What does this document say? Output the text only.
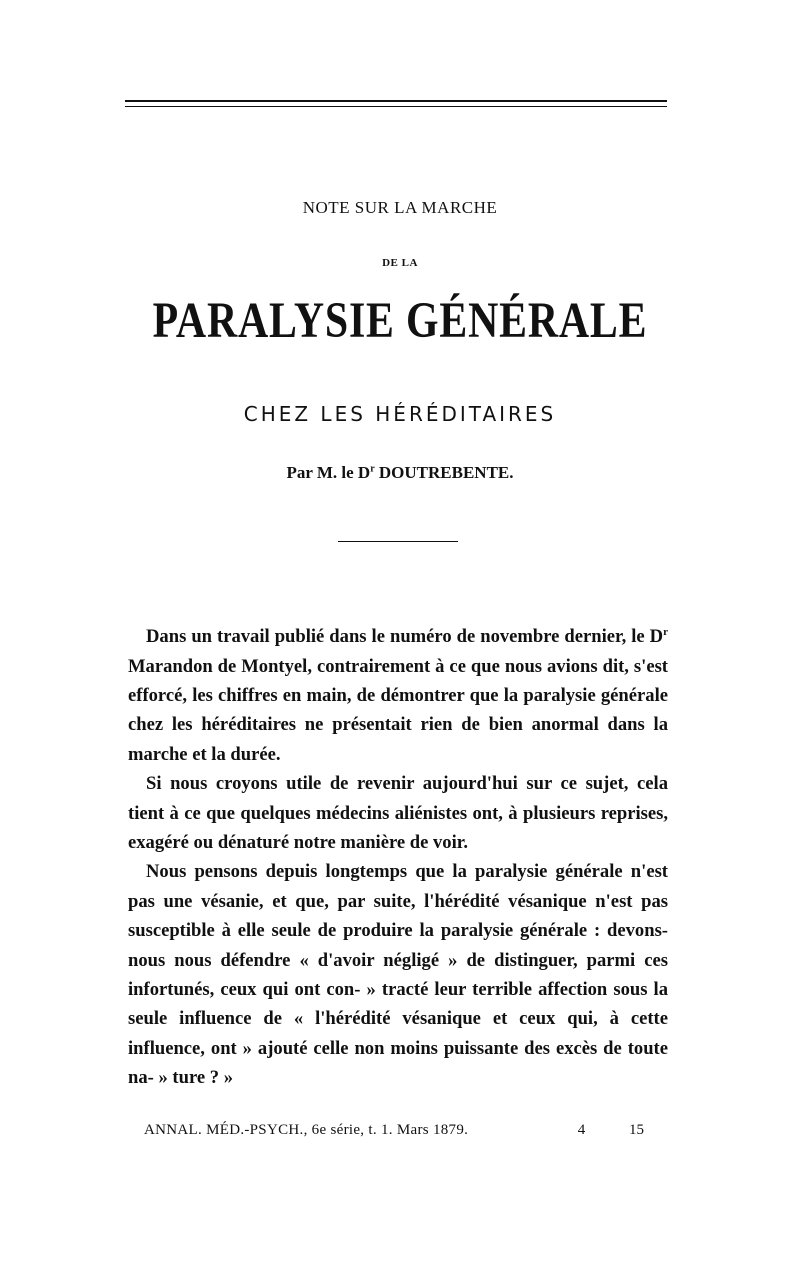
NOTE SUR LA MARCHE
DE LA
PARALYSIE GÉNÉRALE
CHEZ LES HÉRÉDITAIRES
Par M. le $D^r$ DOUTREBENTE.

Dans un travail publié dans le numéro de novembre dernier, le $D^r$ Marandon de Montyel, contrairement à ce que nous avions dit, s'est efforcé, les chiffres en main, de démontrer que la paralysie générale chez les héréditaires ne présentait rien de bien anormal dans la marche et la durée.

Si nous croyons utile de revenir aujourd'hui sur ce sujet, cela tient à ce que quelques médecins aliénistes ont, à plusieurs reprises, exagéré ou dénaturé notre manière de voir.

Nous pensons depuis longtemps que la paralysie générale n'est pas une vésanie, et que, par suite, l'hérédité vésanique n'est pas susceptible à elle seule de produire la paralysie générale : devons-nous nous défendre « d'avoir négligé » de distinguer, parmi ces infortunés, ceux qui ont con- » tracté leur terrible affection sous la seule influence de « l'hérédité vésanique et ceux qui, à cette influence, ont » ajouté celle non moins puissante des excès de toute na- » ture ? »

ANNAL. MÉD.-PSYCH., 6e série, t. 1. Mars 1879.	4	15
